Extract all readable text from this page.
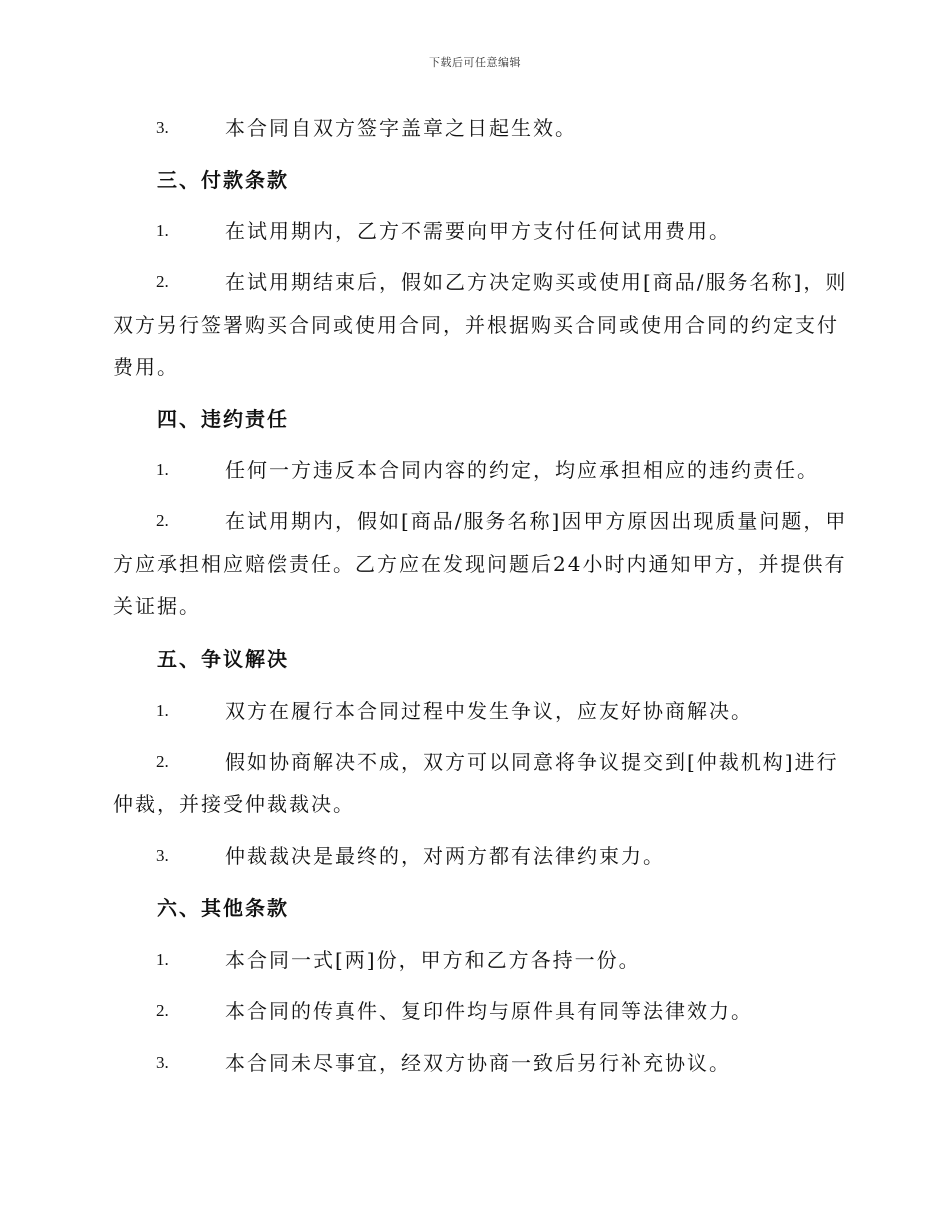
下载后可任意编辑
3.	本合同自双方签字盖章之日起生效。
三、付款条款
1.	在试用期内，乙方不需要向甲方支付任何试用费用。
2.	在试用期结束后，假如乙方决定购买或使用[商品/服务名称]，则
双方另行签署购买合同或使用合同，并根据购买合同或使用合同的约定支付
费用。
四、违约责任
1.	任何一方违反本合同内容的约定，均应承担相应的违约责任。
2.	在试用期内，假如[商品/服务名称]因甲方原因出现质量问题，甲
方应承担相应赔偿责任。乙方应在发现问题后24小时内通知甲方，并提供有
关证据。
五、争议解决
1.	双方在履行本合同过程中发生争议，应友好协商解决。
2.	假如协商解决不成，双方可以同意将争议提交到[仲裁机构]进行
仲裁，并接受仲裁裁决。
3.	仲裁裁决是最终的，对两方都有法律约束力。
六、其他条款
1.	本合同一式[两]份，甲方和乙方各持一份。
2.	本合同的传真件、复印件均与原件具有同等法律效力。
3.	本合同未尽事宜，经双方协商一致后另行补充协议。
